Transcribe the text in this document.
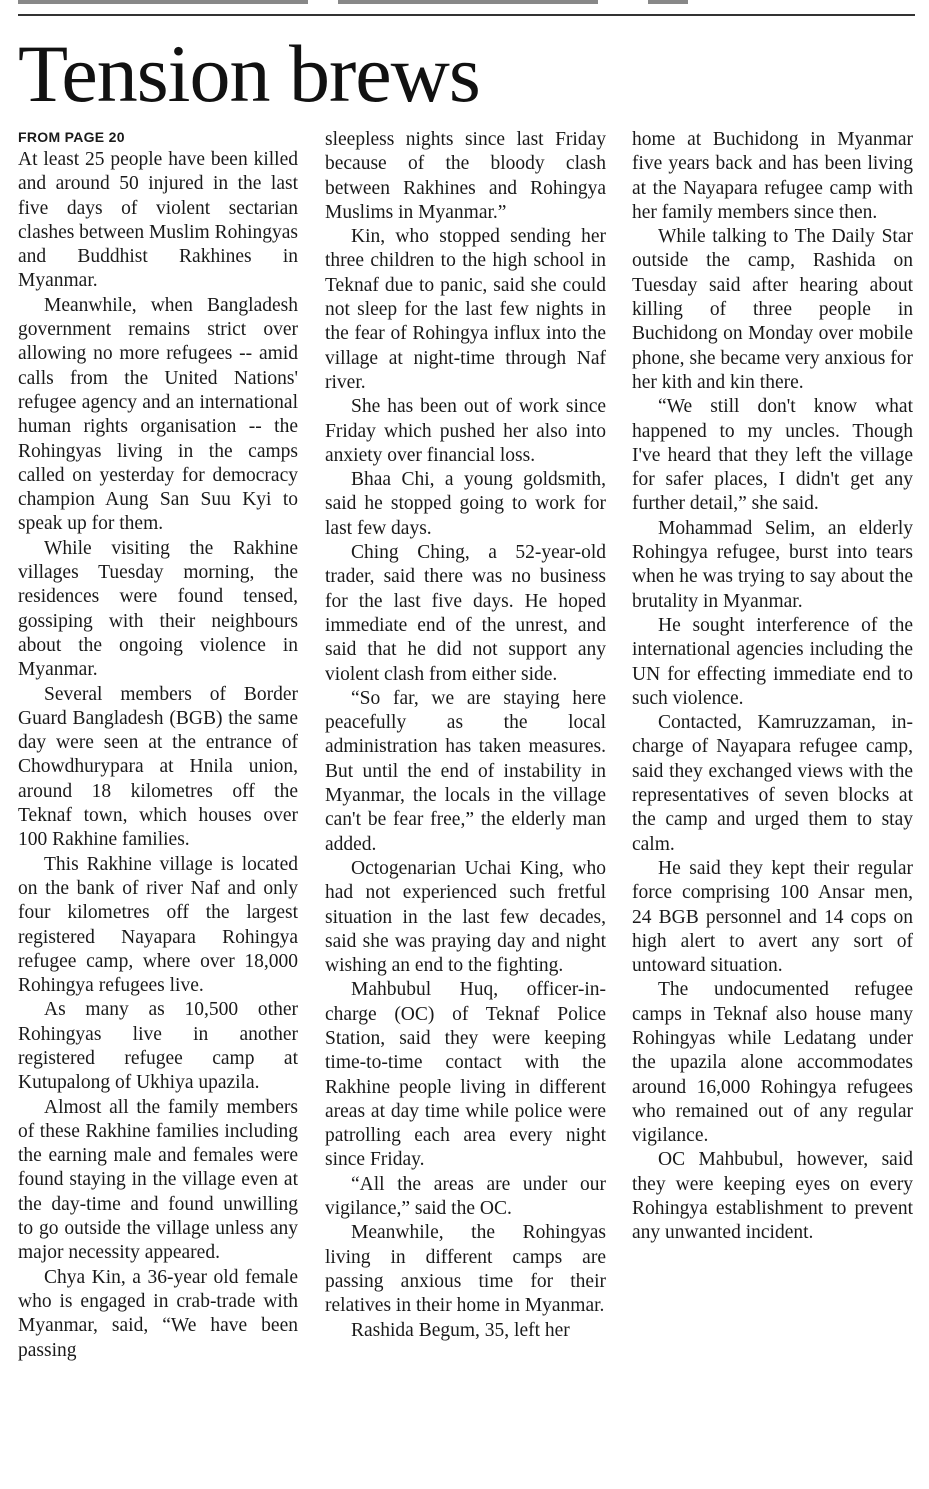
Tension brews
FROM PAGE 20

At least 25 people have been killed and around 50 injured in the last five days of violent sectarian clashes between Muslim Rohingyas and Buddhist Rakhines in Myanmar.

Meanwhile, when Bangladesh government remains strict over allowing no more refugees -- amid calls from the United Nations' refugee agency and an international human rights organisation -- the Rohingyas living in the camps called on yesterday for democracy champion Aung San Suu Kyi to speak up for them.

While visiting the Rakhine villages Tuesday morning, the residences were found tensed, gossiping with their neighbours about the ongoing violence in Myanmar.

Several members of Border Guard Bangladesh (BGB) the same day were seen at the entrance of Chowdhurypara at Hnila union, around 18 kilometres off the Teknaf town, which houses over 100 Rakhine families.

This Rakhine village is located on the bank of river Naf and only four kilometres off the largest registered Nayapara Rohingya refugee camp, where over 18,000 Rohingya refugees live.

As many as 10,500 other Rohingyas live in another registered refugee camp at Kutupalong of Ukhiya upazila.

Almost all the family members of these Rakhine families including the earning male and females were found staying in the village even at the day-time and found unwilling to go outside the village unless any major necessity appeared.

Chya Kin, a 36-year old female who is engaged in crab-trade with Myanmar, said, “We have been passing

sleepless nights since last Friday because of the bloody clash between Rakhines and Rohingya Muslims in Myanmar.”

Kin, who stopped sending her three children to the high school in Teknaf due to panic, said she could not sleep for the last few nights in the fear of Rohingya influx into the village at night-time through Naf river.

She has been out of work since Friday which pushed her also into anxiety over financial loss.

Bhaa Chi, a young goldsmith, said he stopped going to work for last few days.

Ching Ching, a 52-year-old trader, said there was no business for the last five days. He hoped immediate end of the unrest, and said that he did not support any violent clash from either side.

“So far, we are staying here peacefully as the local administration has taken measures. But until the end of instability in Myanmar, the locals in the village can't be fear free,” the elderly man added.

Octogenarian Uchai King, who had not experienced such fretful situation in the last few decades, said she was praying day and night wishing an end to the fighting.

Mahbubul Huq, officer-in-charge (OC) of Teknaf Police Station, said they were keeping time-to-time contact with the Rakhine people living in different areas at day time while police were patrolling each area every night since Friday.

“All the areas are under our vigilance,” said the OC.

Meanwhile, the Rohingyas living in different camps are passing anxious time for their relatives in their home in Myanmar.

Rashida Begum, 35, left her

home at Buchidong in Myanmar five years back and has been living at the Nayapara refugee camp with her family members since then.

While talking to The Daily Star outside the camp, Rashida on Tuesday said after hearing about killing of three people in Buchidong on Monday over mobile phone, she became very anxious for her kith and kin there.

“We still don't know what happened to my uncles. Though I've heard that they left the village for safer places, I didn't get any further detail,” she said.

Mohammad Selim, an elderly Rohingya refugee, burst into tears when he was trying to say about the brutality in Myanmar.

He sought interference of the international agencies including the UN for effecting immediate end to such violence.

Contacted, Kamruzzaman, in-charge of Nayapara refugee camp, said they exchanged views with the representatives of seven blocks at the camp and urged them to stay calm.

He said they kept their regular force comprising 100 Ansar men, 24 BGB personnel and 14 cops on high alert to avert any sort of untoward situation.

The undocumented refugee camps in Teknaf also house many Rohingyas while Ledatang under the upazila alone accommodates around 16,000 Rohingya refugees who remained out of any regular vigilance.

OC Mahbubul, however, said they were keeping eyes on every Rohingya establishment to prevent any unwanted incident.
